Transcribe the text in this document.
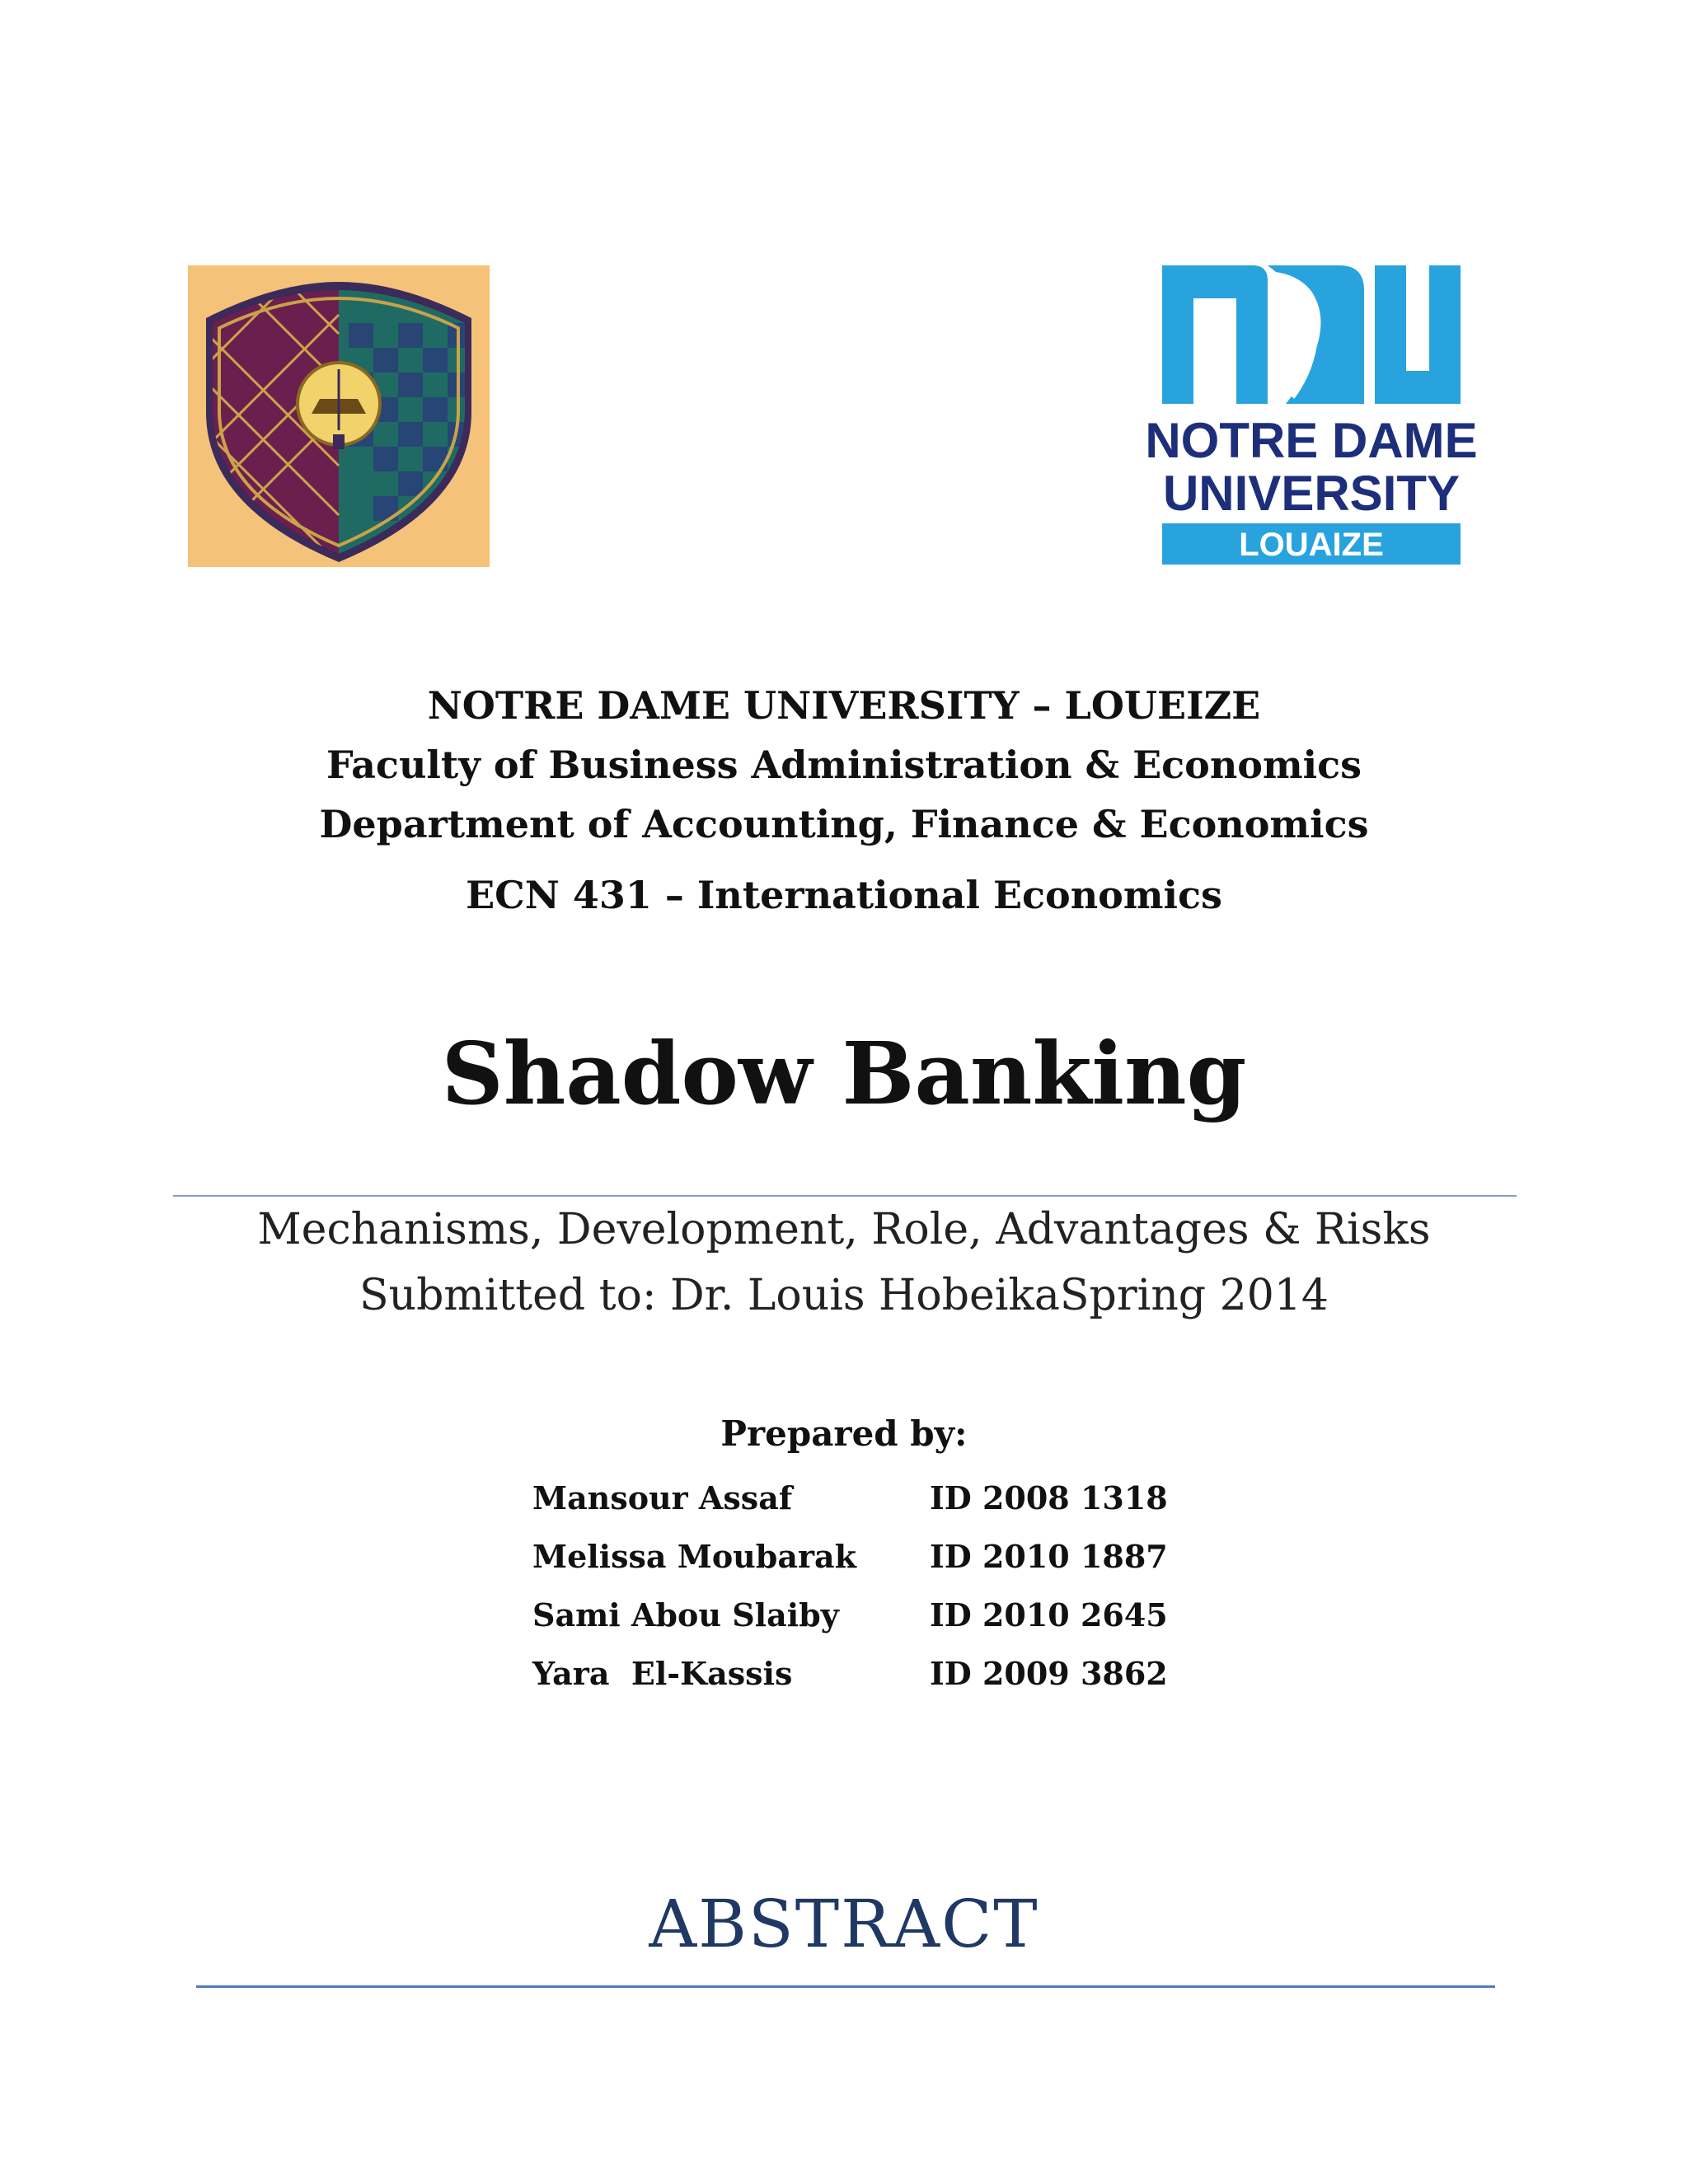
NOTRE DAME
UNIVERSITY
LOUAIZE
NOTRE DAME UNIVERSITY – LOUEIZE
Faculty of Business Administration & Economics
Department of Accounting, Finance & Economics
ECN 431 – International Economics
Shadow Banking
Mechanisms, Development, Role, Advantages & Risks
Submitted to: Dr. Louis HobeikaSpring 2014
Prepared by:
Mansour Assaf	ID 2008 1318
Melissa Moubarak ID 2010 1887
Sami Abou Slaiby	ID 2010 2645
Yara  El-Kassis	ID 2009 3862
ABSTRACT
